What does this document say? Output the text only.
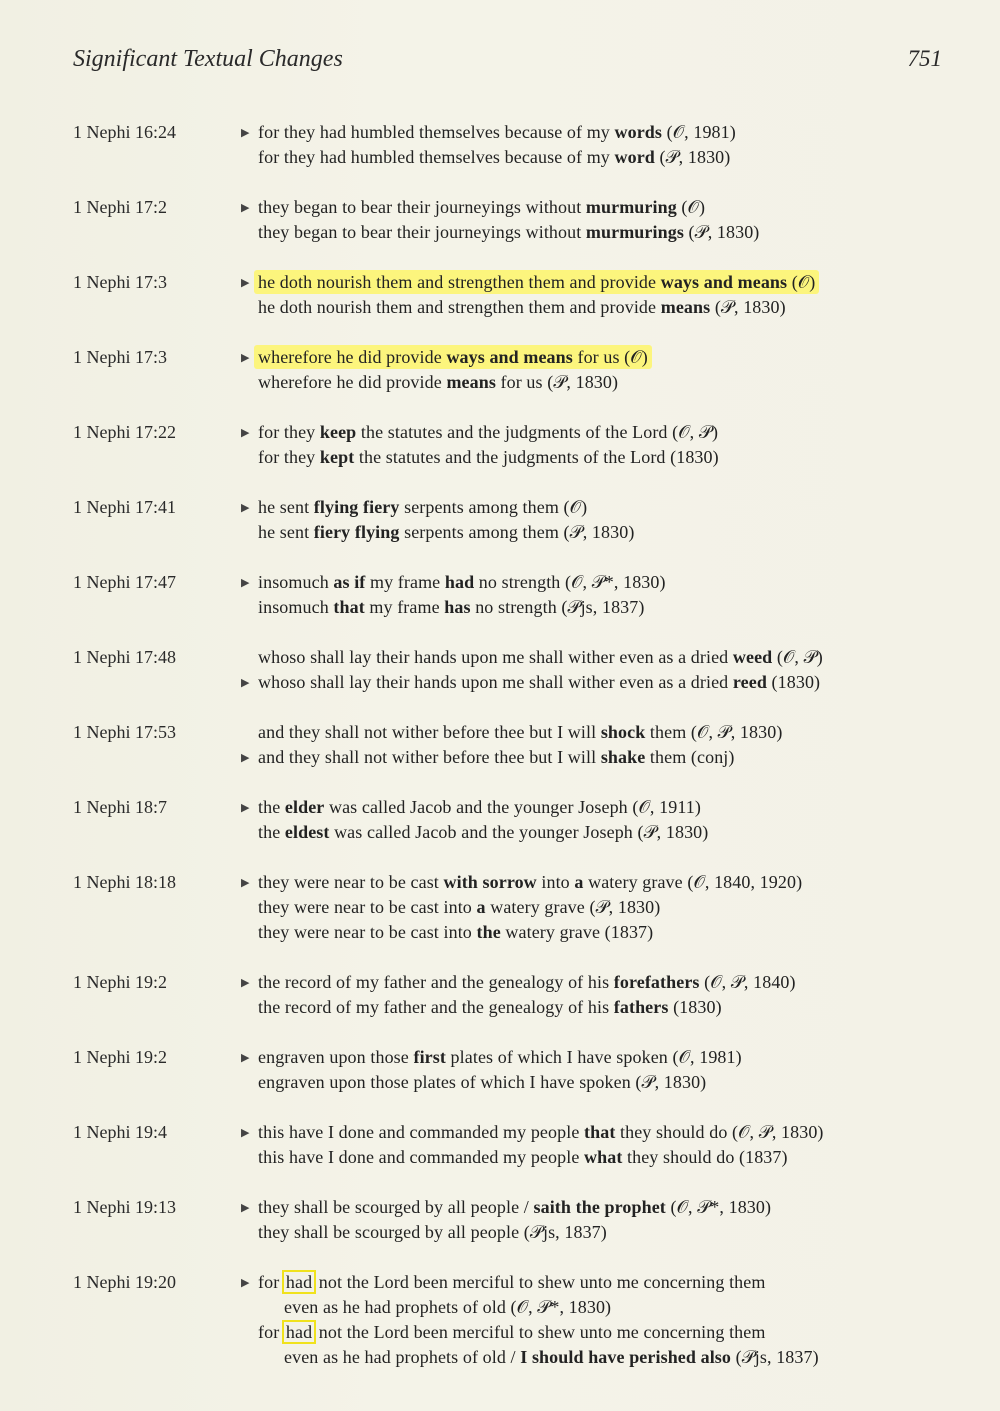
Significant Textual Changes	751
1 Nephi 16:24	▶ for they had humbled themselves because of my words (𝒪, 1981)
for they had humbled themselves because of my word (𝒫, 1830)
1 Nephi 17:2	▶ they began to bear their journeyings without murmuring (𝒪)
they began to bear their journeyings without murmurings (𝒫, 1830)
1 Nephi 17:3	▶ he doth nourish them and strengthen them and provide ways and means (𝒪)
he doth nourish them and strengthen them and provide means (𝒫, 1830)
1 Nephi 17:3	▶ wherefore he did provide ways and means for us (𝒪)
wherefore he did provide means for us (𝒫, 1830)
1 Nephi 17:22	▶ for they keep the statutes and the judgments of the Lord (𝒪, 𝒫)
for they kept the statutes and the judgments of the Lord (1830)
1 Nephi 17:41	▶ he sent flying fiery serpents among them (𝒪)
he sent fiery flying serpents among them (𝒫, 1830)
1 Nephi 17:47	▶ insomuch as if my frame had no strength (𝒪, 𝒫*, 1830)
insomuch that my frame has no strength (𝒫js, 1837)
1 Nephi 17:48	whoso shall lay their hands upon me shall wither even as a dried weed (𝒪, 𝒫)
▶ whoso shall lay their hands upon me shall wither even as a dried reed (1830)
1 Nephi 17:53	and they shall not wither before thee but I will shock them (𝒪, 𝒫, 1830)
▶ and they shall not wither before thee but I will shake them (conj)
1 Nephi 18:7	▶ the elder was called Jacob and the younger Joseph (𝒪, 1911)
the eldest was called Jacob and the younger Joseph (𝒫, 1830)
1 Nephi 18:18	▶ they were near to be cast with sorrow into a watery grave (𝒪, 1840, 1920)
they were near to be cast into a watery grave (𝒫, 1830)
they were near to be cast into the watery grave (1837)
1 Nephi 19:2	▶ the record of my father and the genealogy of his forefathers (𝒪, 𝒫, 1840)
the record of my father and the genealogy of his fathers (1830)
1 Nephi 19:2	▶ engraven upon those first plates of which I have spoken (𝒪, 1981)
engraven upon those plates of which I have spoken (𝒫, 1830)
1 Nephi 19:4	▶ this have I done and commanded my people that they should do (𝒪, 𝒫, 1830)
this have I done and commanded my people what they should do (1837)
1 Nephi 19:13	▶ they shall be scourged by all people / saith the prophet (𝒪, 𝒫*, 1830)
they shall be scourged by all people (𝒫js, 1837)
1 Nephi 19:20	▶ for had not the Lord been merciful to shew unto me concerning them
even as he had prophets of old (𝒪, 𝒫*, 1830)
for had not the Lord been merciful to shew unto me concerning them
even as he had prophets of old / I should have perished also (𝒫js, 1837)
